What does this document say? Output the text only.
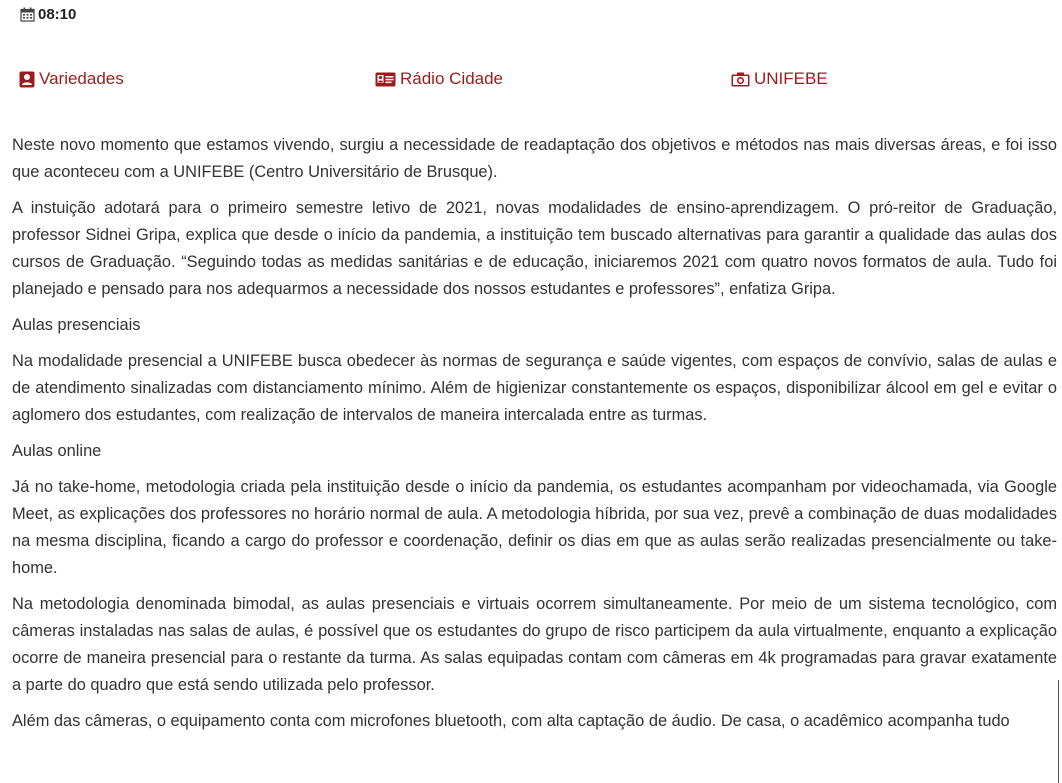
08:10
Variedades	Rádio Cidade	UNIFEBE

Neste novo momento que estamos vivendo, surgiu a necessidade de readaptação dos objetivos e métodos nas mais diversas áreas, e foi isso que aconteceu com a UNIFEBE (Centro Universitário de Brusque).

A instuição adotará para o primeiro semestre letivo de 2021, novas modalidades de ensino-aprendizagem. O pró-reitor de Graduação, professor Sidnei Gripa, explica que desde o início da pandemia, a instituição tem buscado alternativas para garantir a qualidade das aulas dos cursos de Graduação. “Seguindo todas as medidas sanitárias e de educação, iniciaremos 2021 com quatro novos formatos de aula. Tudo foi planejado e pensado para nos adequarmos a necessidade dos nossos estudantes e professores”, enfatiza Gripa.

Aulas presenciais

Na modalidade presencial a UNIFEBE busca obedecer às normas de segurança e saúde vigentes, com espaços de convívio, salas de aulas e de atendimento sinalizadas com distanciamento mínimo. Além de higienizar constantemente os espaços, disponibilizar álcool em gel e evitar o aglomero dos estudantes, com realização de intervalos de maneira intercalada entre as turmas.

Aulas online

Já no take-home, metodologia criada pela instituição desde o início da pandemia, os estudantes acompanham por videochamada, via Google Meet, as explicações dos professores no horário normal de aula. A metodologia híbrida, por sua vez, prevê a combinação de duas modalidades na mesma disciplina, ficando a cargo do professor e coordenação, definir os dias em que as aulas serão realizadas presencialmente ou take-home.

Na metodologia denominada bimodal, as aulas presenciais e virtuais ocorrem simultaneamente. Por meio de um sistema tecnológico, com câmeras instaladas nas salas de aulas, é possível que os estudantes do grupo de risco participem da aula virtualmente, enquanto a explicação ocorre de maneira presencial para o restante da turma. As salas equipadas contam com câmeras em 4k programadas para gravar exatamente a parte do quadro que está sendo utilizada pelo professor.

Além das câmeras, o equipamento conta com microfones bluetooth, com alta captação de áudio. De casa, o acadêmico acompanha tudo
